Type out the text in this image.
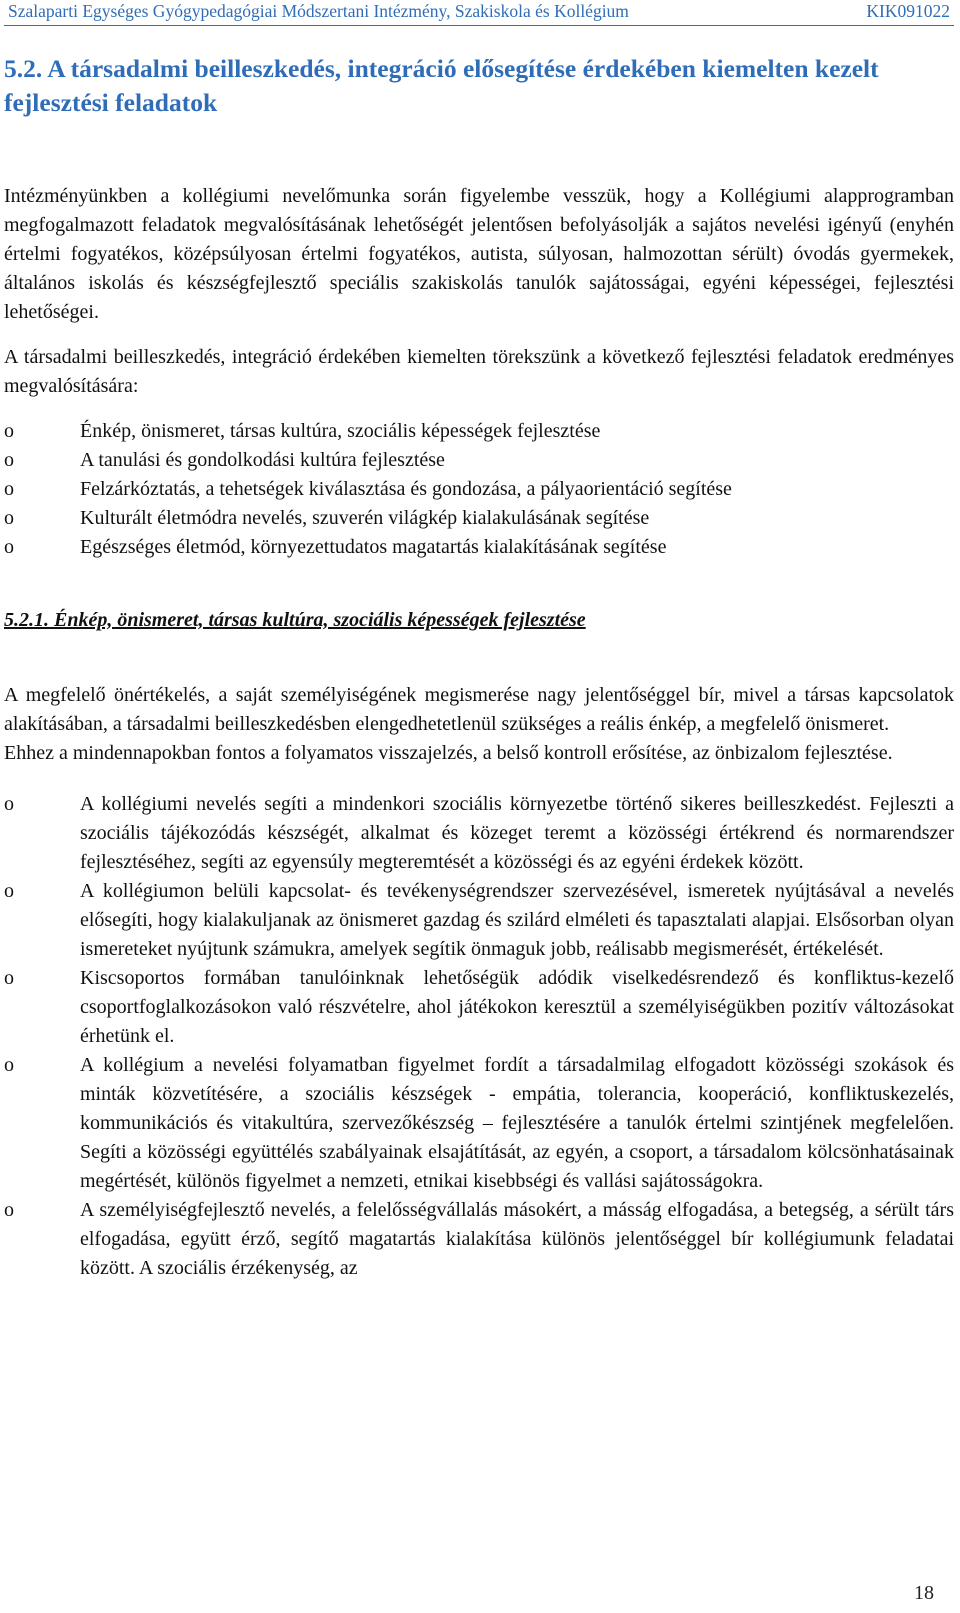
Szalaparti Egységes Gyógypedagógiai Módszertani Intézmény, Szakiskola és Kollégium	KIK091022
5.2. A társadalmi beilleszkedés, integráció elősegítése érdekében kiemelten kezelt fejlesztési feladatok

Intézményünkben a kollégiumi nevelőmunka során figyelembe vesszük, hogy a Kollégiumi alapprogramban megfogalmazott feladatok megvalósításának lehetőségét jelentősen befolyásolják a sajátos nevelési igényű (enyhén értelmi fogyatékos, középsúlyosan értelmi fogyatékos, autista, súlyosan, halmozottan sérült) óvodás gyermekek, általános iskolás és készségfejlesztő speciális szakiskolás tanulók sajátosságai, egyéni képességei, fejlesztési lehetőségei.

A társadalmi beilleszkedés, integráció érdekében kiemelten törekszünk a következő fejlesztési feladatok eredményes megvalósítására:

o	Énkép, önismeret, társas kultúra, szociális képességek fejlesztése
o	A tanulási és gondolkodási kultúra fejlesztése
o	Felzárkóztatás, a tehetségek kiválasztása és gondozása, a pályaorientáció segítése
o	Kulturált életmódra nevelés, szuverén világkép kialakulásának segítése
o	Egészséges életmód, környezettudatos magatartás kialakításának segítése
5.2.1. Énkép, önismeret, társas kultúra, szociális képességek fejlesztése

A megfelelő önértékelés, a saját személyiségének megismerése nagy jelentőséggel bír, mivel a társas kapcsolatok alakításában, a társadalmi beilleszkedésben elengedhetetlenül szükséges a reális énkép, a megfelelő önismeret.

Ehhez a mindennapokban fontos a folyamatos visszajelzés, a belső kontroll erősítése, az önbizalom fejlesztése.

o	A kollégiumi nevelés segíti a mindenkori szociális környezetbe történő sikeres beilleszkedést. Fejleszti a szociális tájékozódás készségét, alkalmat és közeget teremt a közösségi értékrend és normarendszer fejlesztéséhez, segíti az egyensúly megteremtését a közösségi és az egyéni érdekek között.
o	A kollégiumon belüli kapcsolat- és tevékenységrendszer szervezésével, ismeretek nyújtásával a nevelés elősegíti, hogy kialakuljanak az önismeret gazdag és szilárd elméleti és tapasztalati alapjai. Elsősorban olyan ismereteket nyújtunk számukra, amelyek segítik önmaguk jobb, reálisabb megismerését, értékelését.
o	Kiscsoportos formában tanulóinknak lehetőségük adódik viselkedésrendező és konfliktus-kezelő csoportfoglalkozásokon való részvételre, ahol játékokon keresztül a személyiségükben pozitív változásokat érhetünk el.
o	A kollégium a nevelési folyamatban figyelmet fordít a társadalmilag elfogadott közösségi szokások és minták közvetítésére, a szociális készségek - empátia, tolerancia, kooperáció, konfliktuskezelés, kommunikációs és vitakultúra, szervezőkészség – fejlesztésére a tanulók értelmi szintjének megfelelően. Segíti a közösségi együttélés szabályainak elsajátítását, az egyén, a csoport, a társadalom kölcsönhatásainak megértését, különös figyelmet a nemzeti, etnikai kisebbségi és vallási sajátosságokra.
o	A személyiségfejlesztő nevelés, a felelősségvállalás másokért, a másság elfogadása, a betegség, a sérült társ elfogadása, együtt érző, segítő magatartás kialakítása különös jelentőséggel bír kollégiumunk feladatai között. A szociális érzékenység, az
18
